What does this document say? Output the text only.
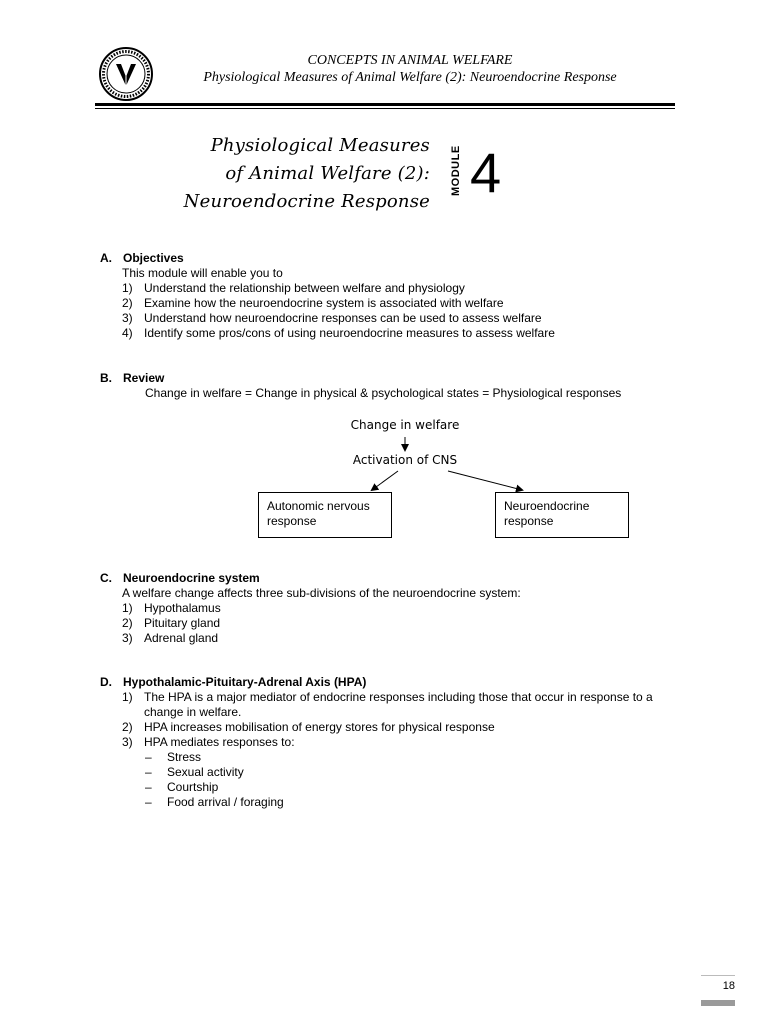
CONCEPTS IN ANIMAL WELFARE
Physiological Measures of Animal Welfare (2): Neuroendocrine Response
Physiological Measures
of Animal Welfare (2):
Neuroendocrine Response
MODULE 4
A. Objectives
This module will enable you to
1) Understand the relationship between welfare and physiology
2) Examine how the neuroendocrine system is associated with welfare
3) Understand how neuroendocrine responses can be used to assess welfare
4) Identify some pros/cons of using neuroendocrine measures to assess welfare
B. Review
Change in welfare = Change in physical & psychological states = Physiological responses
Change in welfare
Activation of CNS
Autonomic nervous
response
Neuroendocrine
response
C. Neuroendocrine system
A welfare change affects three sub-divisions of the neuroendocrine system:
1) Hypothalamus
2) Pituitary gland
3) Adrenal gland
D. Hypothalamic-Pituitary-Adrenal Axis (HPA)
1) The HPA is a major mediator of endocrine responses including those that occur in response to a change in welfare.
2) HPA increases mobilisation of energy stores for physical response
3) HPA mediates responses to:
–	Stress
–	Sexual activity
–	Courtship
–	Food arrival / foraging
18
